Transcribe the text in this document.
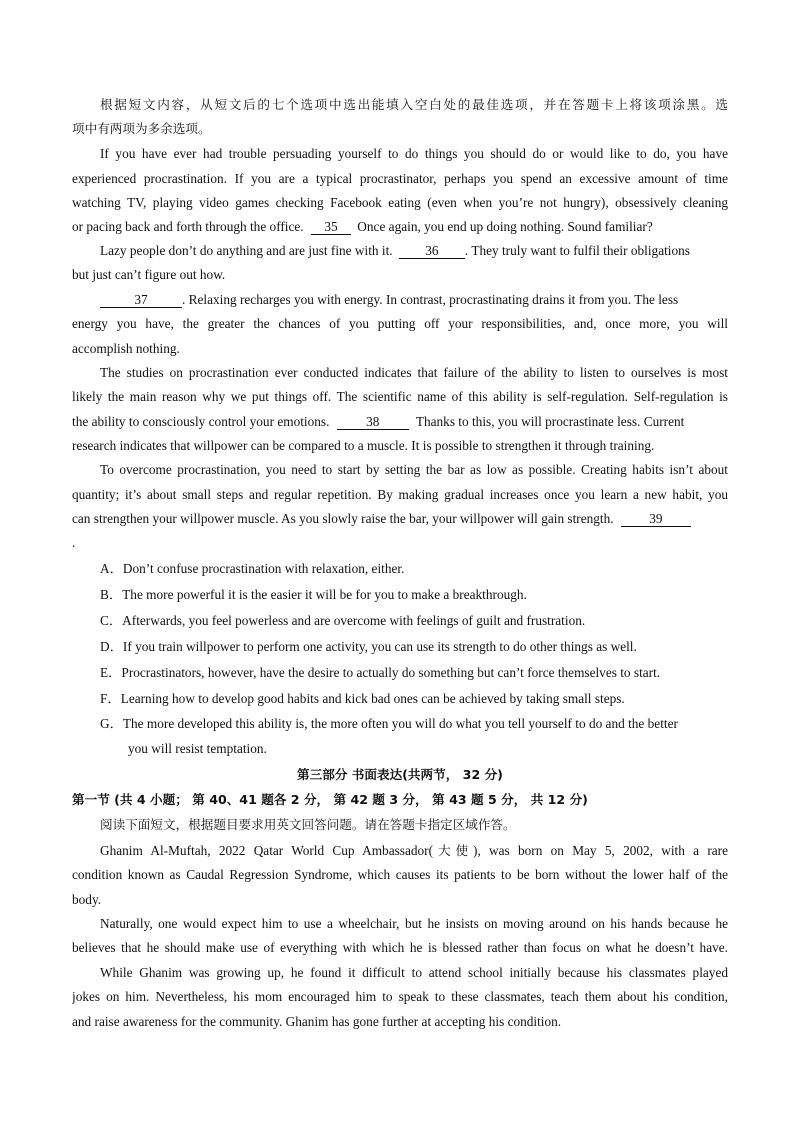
根据短文内容，从短文后的七个选项中选出能填入空白处的最佳选项，并在答题卡上将该项涂黑。选
项中有两项为多余选项。
If you have ever had trouble persuading yourself to do things you should do or would like to do, you have
experienced procrastination. If you are a typical procrastinator, perhaps you spend an excessive amount of time
watching TV, playing video games checking Facebook eating (even when you’re not hungry), obsessively cleaning
or pacing back and forth through the office. 35 Once again, you end up doing nothing. Sound familiar?
Lazy people don’t do anything and are just fine with it. 36 . They truly want to fulfil their obligations
but just can’t figure out how.
37	. Relaxing recharges you with energy. In contrast, procrastinating drains it from you. The less
energy you have, the greater the chances of you putting off your responsibilities, and, once more, you will
accomplish nothing.
The studies on procrastination ever conducted indicates that failure of the ability to listen to ourselves is most
likely the main reason why we put things off. The scientific name of this ability is self-regulation. Self-regulation is
the ability to consciously control your emotions.	38	Thanks to this, you will procrastinate less. Current
research indicates that willpower can be compared to a muscle. It is possible to strengthen it through training.
To overcome procrastination, you need to start by setting the bar as low as possible. Creating habits isn’t about
quantity; it’s about small steps and regular repetition. By making gradual increases once you learn a new habit, you
can strengthen your willpower muscle. As you slowly raise the bar, your willpower will gain strength.	39
.
A．Don’t confuse procrastination with relaxation, either.
B．The more powerful it is the easier it will be for you to make a breakthrough.
C．Afterwards, you feel powerless and are overcome with feelings of guilt and frustration.
D．If you train willpower to perform one activity, you can use its strength to do other things as well.
E．Procrastinators, however, have the desire to actually do something but can’t force themselves to start.
F．Learning how to develop good habits and kick bad ones can be achieved by taking small steps.
G．The more developed this ability is, the more often you will do what you tell yourself to do and the better
you will resist temptation.
第三部分 书面表达(共两节， 32 分)
第一节 (共 4 小题； 第 40、41 题各 2 分， 第 42 题 3 分， 第 43 题 5 分， 共 12 分)
阅读下面短文，根据题目要求用英文回答问题。请在答题卡指定区域作答。
Ghanim Al-Muftah, 2022 Qatar World Cup Ambassador(大使), was born on May 5, 2002, with a rare
condition known as Caudal Regression Syndrome, which causes its patients to be born without the lower half of the
body.
Naturally, one would expect him to use a wheelchair, but he insists on moving around on his hands because he
believes that he should make use of everything with which he is blessed rather than focus on what he doesn’t have.
While Ghanim was growing up, he found it difficult to attend school initially because his classmates played
jokes on him. Nevertheless, his mom encouraged him to speak to these classmates, teach them about his condition,
and raise awareness for the community. Ghanim has gone further at accepting his condition.
